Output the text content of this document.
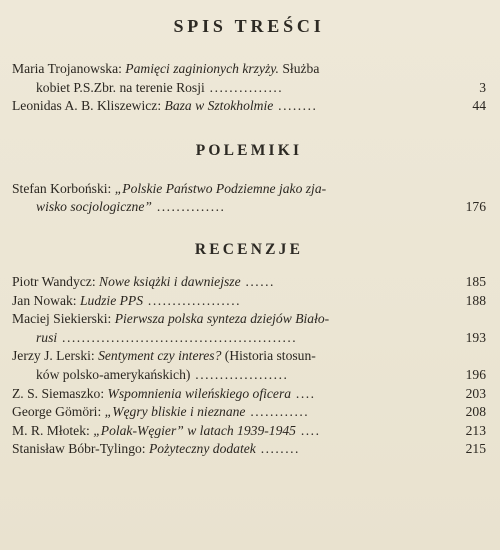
SPIS TREŚCI
Maria Trojanowska: Pamięci zaginionych krzyży. Służba
kobiet P.S.Zbr. na terenie Rosji ...............	3
Leonidas A. B. Kliszewicz: Baza w Sztokholmie ........	44
POLEMIKI
Stefan Korboński: „Polskie Państwo Podziemne jako zja-
wisko socjologiczne” ..............	176
RECENZJE
Piotr Wandycz: Nowe książki i dawniejsze ......	185
Jan Nowak: Ludzie PPS ...................	188
Maciej Siekierski: Pierwsza polska synteza dziejów Biało-
rusi ................................................	193
Jerzy J. Lerski: Sentyment czy interes? (Historia stosun-
ków polsko-amerykańskich) ...................	196
Z. S. Siemaszko: Wspomnienia wileńskiego oficera ....	203
George Gömöri: „Węgry bliskie i nieznane ............	208
M. R. Młotek: „Polak-Węgier” w latach 1939-1945 ....	213
Stanisław Bóbr-Tylingo: Pożyteczny dodatek ........	215
